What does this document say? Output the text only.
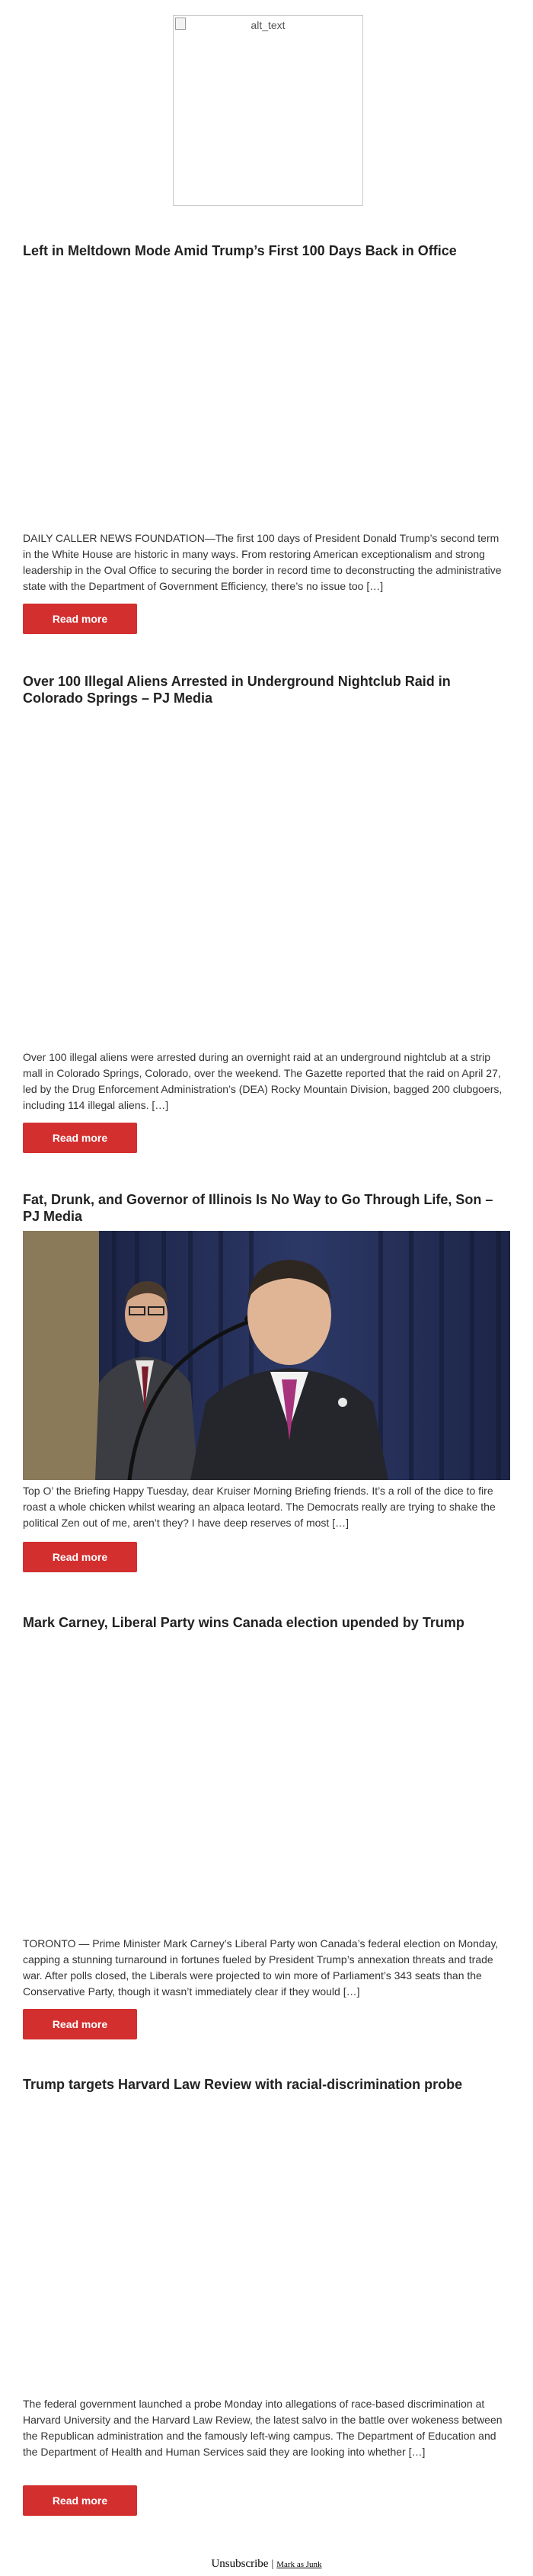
alt_text
Left in Meltdown Mode Amid Trump’s First 100 Days Back in Office

DAILY CALLER NEWS FOUNDATION—The first 100 days of President Donald Trump’s second term in the White House are historic in many ways. From restoring American exceptionalism and strong leadership in the Oval Office to securing the border in record time to deconstructing the administrative state with the Department of Government Efficiency, there’s no issue too […]

Read more
Over 100 Illegal Aliens Arrested in Underground Nightclub Raid in Colorado Springs – PJ Media

Over 100 illegal aliens were arrested during an overnight raid at an underground nightclub at a strip mall in Colorado Springs, Colorado, over the weekend. The Gazette reported that the raid on April 27, led by the Drug Enforcement Administration’s (DEA) Rocky Mountain Division, bagged 200 clubgoers, including 114 illegal aliens. […]

Read more
Fat, Drunk, and Governor of Illinois Is No Way to Go Through Life, Son – PJ Media

Top O’ the Briefing Happy Tuesday, dear Kruiser Morning Briefing friends. It’s a roll of the dice to fire roast a whole chicken whilst wearing an alpaca leotard. The Democrats really are trying to shake the political Zen out of me, aren’t they? I have deep reserves of most […]

Read more
Mark Carney, Liberal Party wins Canada election upended by Trump

TORONTO — Prime Minister Mark Carney’s Liberal Party won Canada’s federal election on Monday, capping a stunning turnaround in fortunes fueled by President Trump’s annexation threats and trade war. After polls closed, the Liberals were projected to win more of Parliament’s 343 seats than the Conservative Party, though it wasn’t immediately clear if they would […]

Read more
Trump targets Harvard Law Review with racial-discrimination probe

The federal government launched a probe Monday into allegations of race-based discrimination at Harvard University and the Harvard Law Review, the latest salvo in the battle over wokeness between the Republican administration and the famously left-wing campus. The Department of Education and the Department of Health and Human Services said they are looking into whether […]

Read more
Unsubscribe | Mark as Junk
